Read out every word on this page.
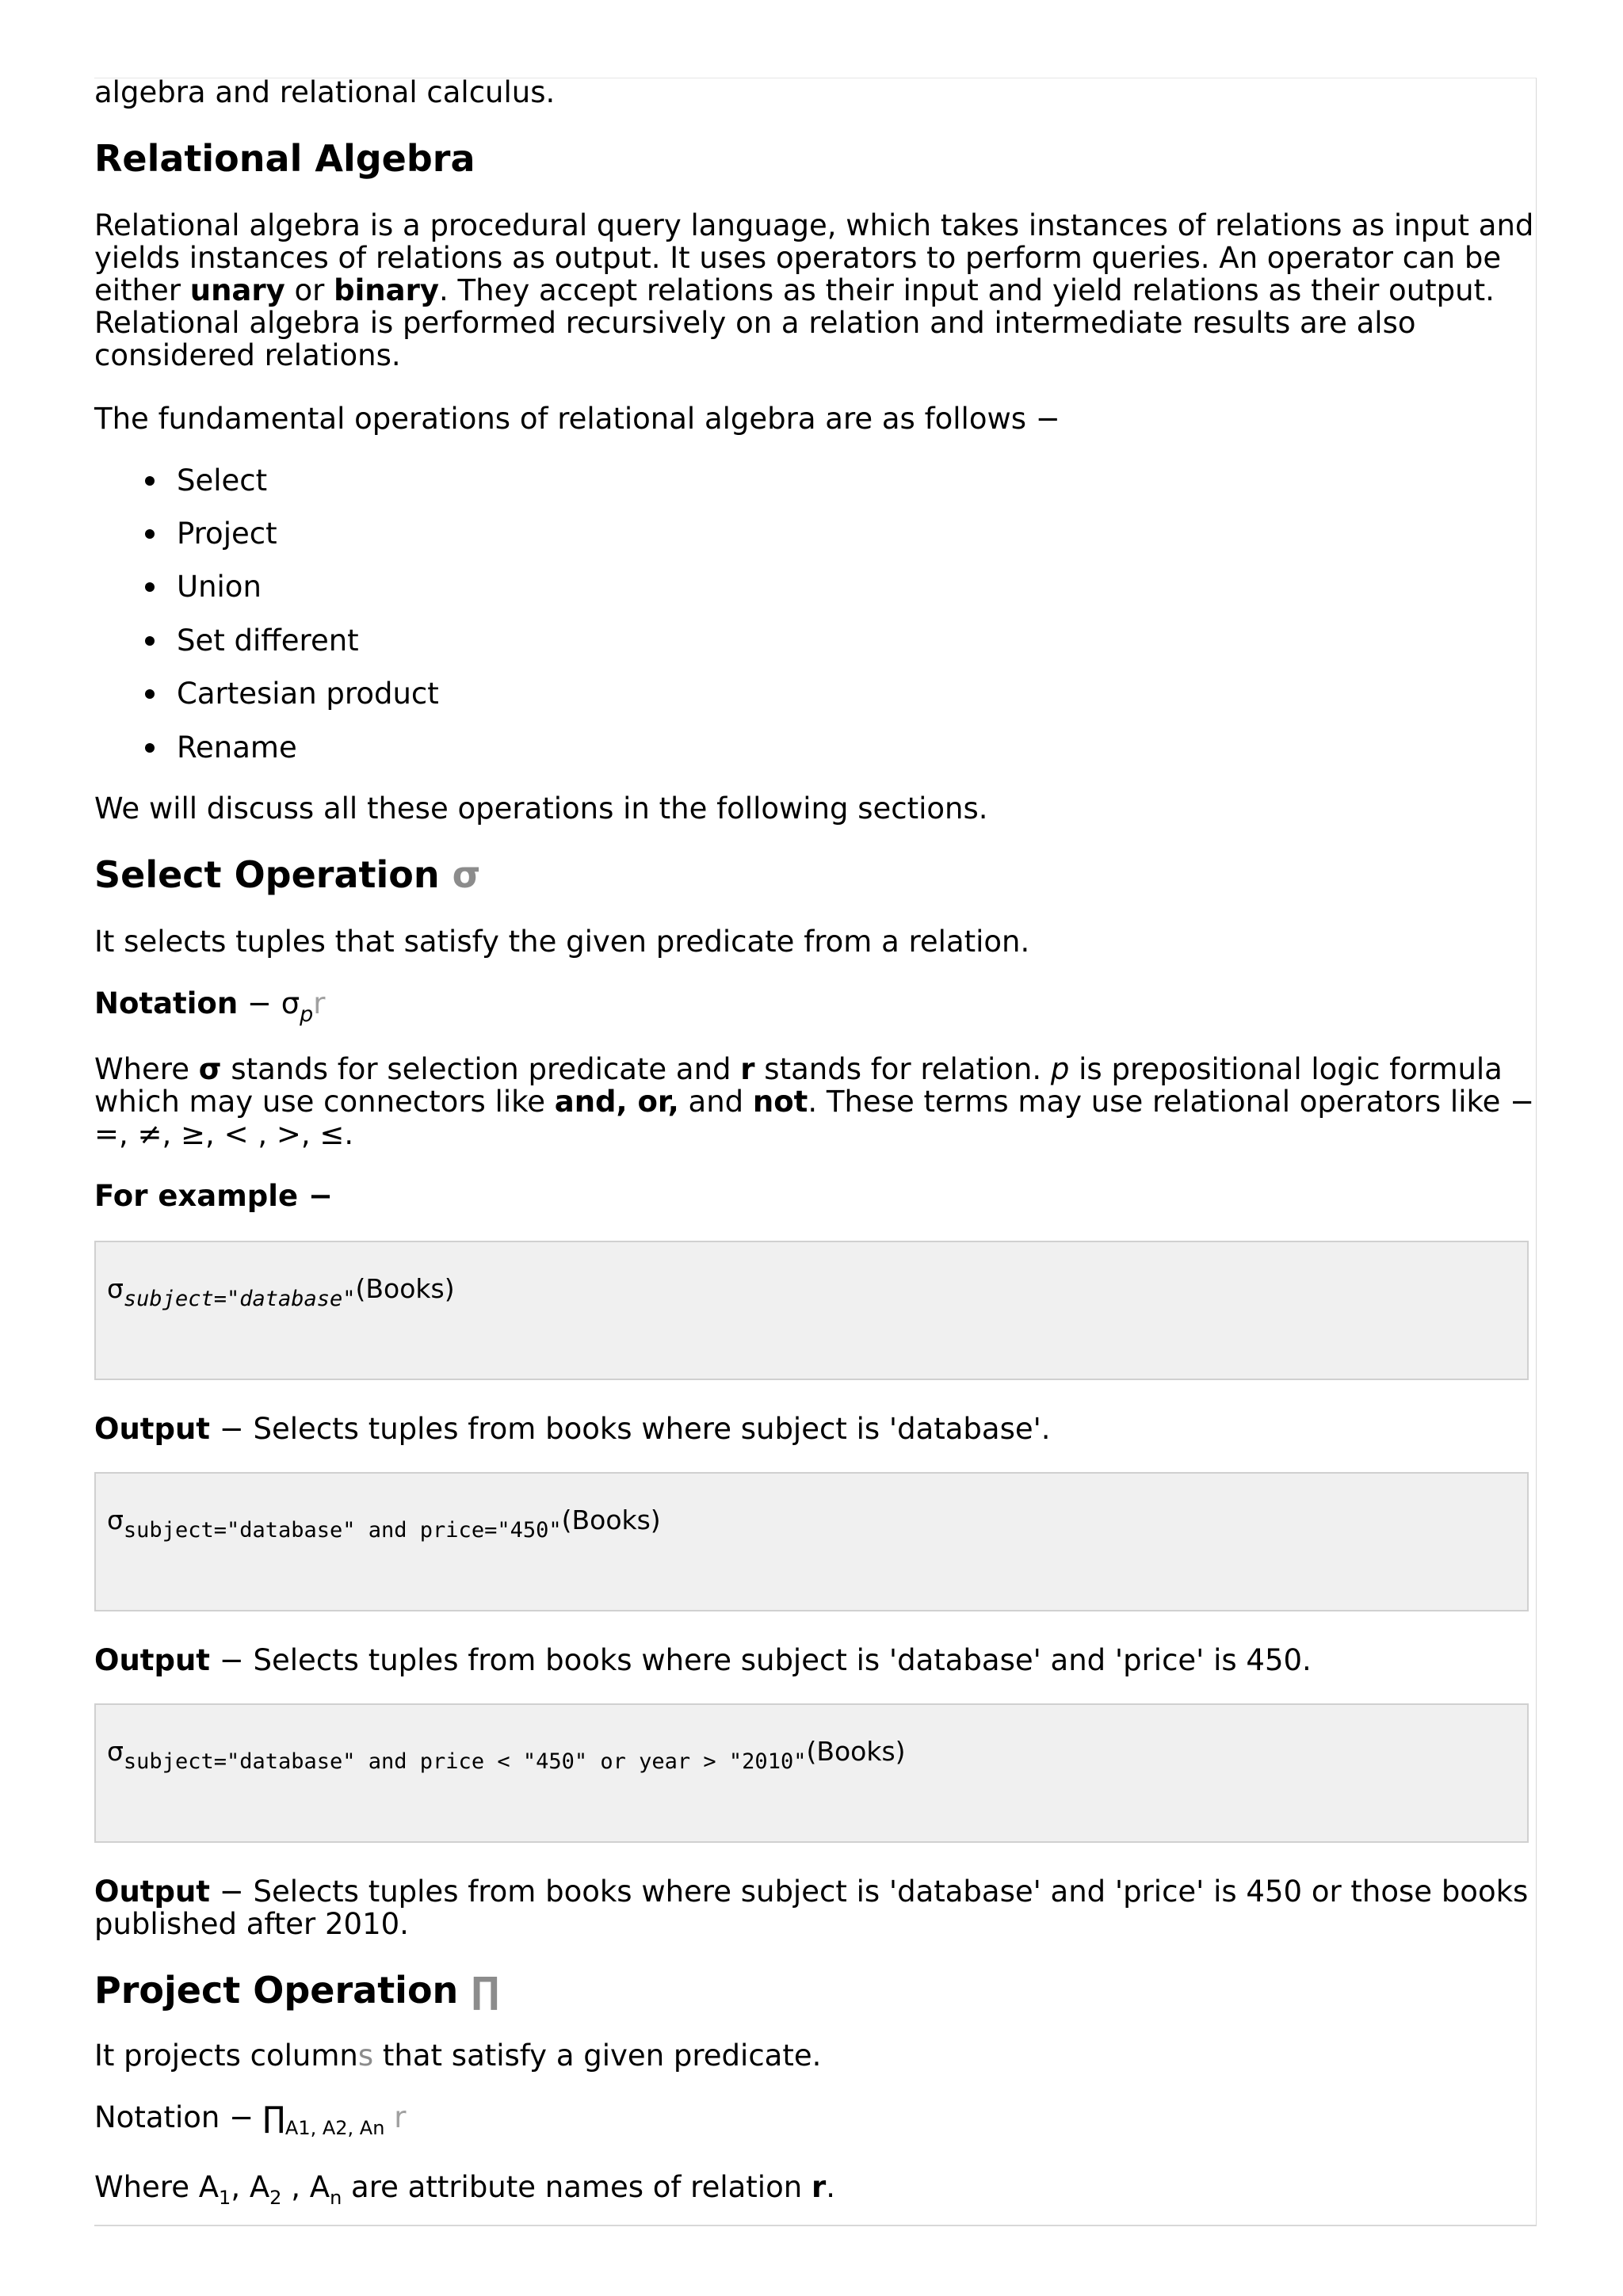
algebra and relational calculus.
Relational Algebra
Relational algebra is a procedural query language, which takes instances of relations as input and
yields instances of relations as output. It uses operators to perform queries. An operator can be
either unary or binary. They accept relations as their input and yield relations as their output.
Relational algebra is performed recursively on a relation and intermediate results are also
considered relations.
The fundamental operations of relational algebra are as follows −
Select
Project
Union
Set different
Cartesian product
Rename
We will discuss all these operations in the following sections.
Select Operation σ
It selects tuples that satisfy the given predicate from a relation.
Notation − $\sigma_pr$
Where σ stands for selection predicate and r stands for relation. p is prepositional logic formula
which may use connectors like and, or, and not. These terms may use relational operators like −
=, ≠, ≥, < , >, ≤.
For example −
$\sigma_{subject="database"}(Books)$
Output − Selects tuples from books where subject is 'database'.
$\sigma_{subject="database" and price="450"}(Books)$
Output − Selects tuples from books where subject is 'database' and 'price' is 450.
$\sigma_{subject="database" and price < "450" or year > "2010"}(Books)$
Output − Selects tuples from books where subject is 'database' and 'price' is 450 or those books
published after 2010.
Project Operation ∏
It projects columns that satisfy a given predicate.
Notation − $\prod_{A1, A2, An}$ r
Where $A_1$, $A_2$ , $A_n$ are attribute names of relation r.
